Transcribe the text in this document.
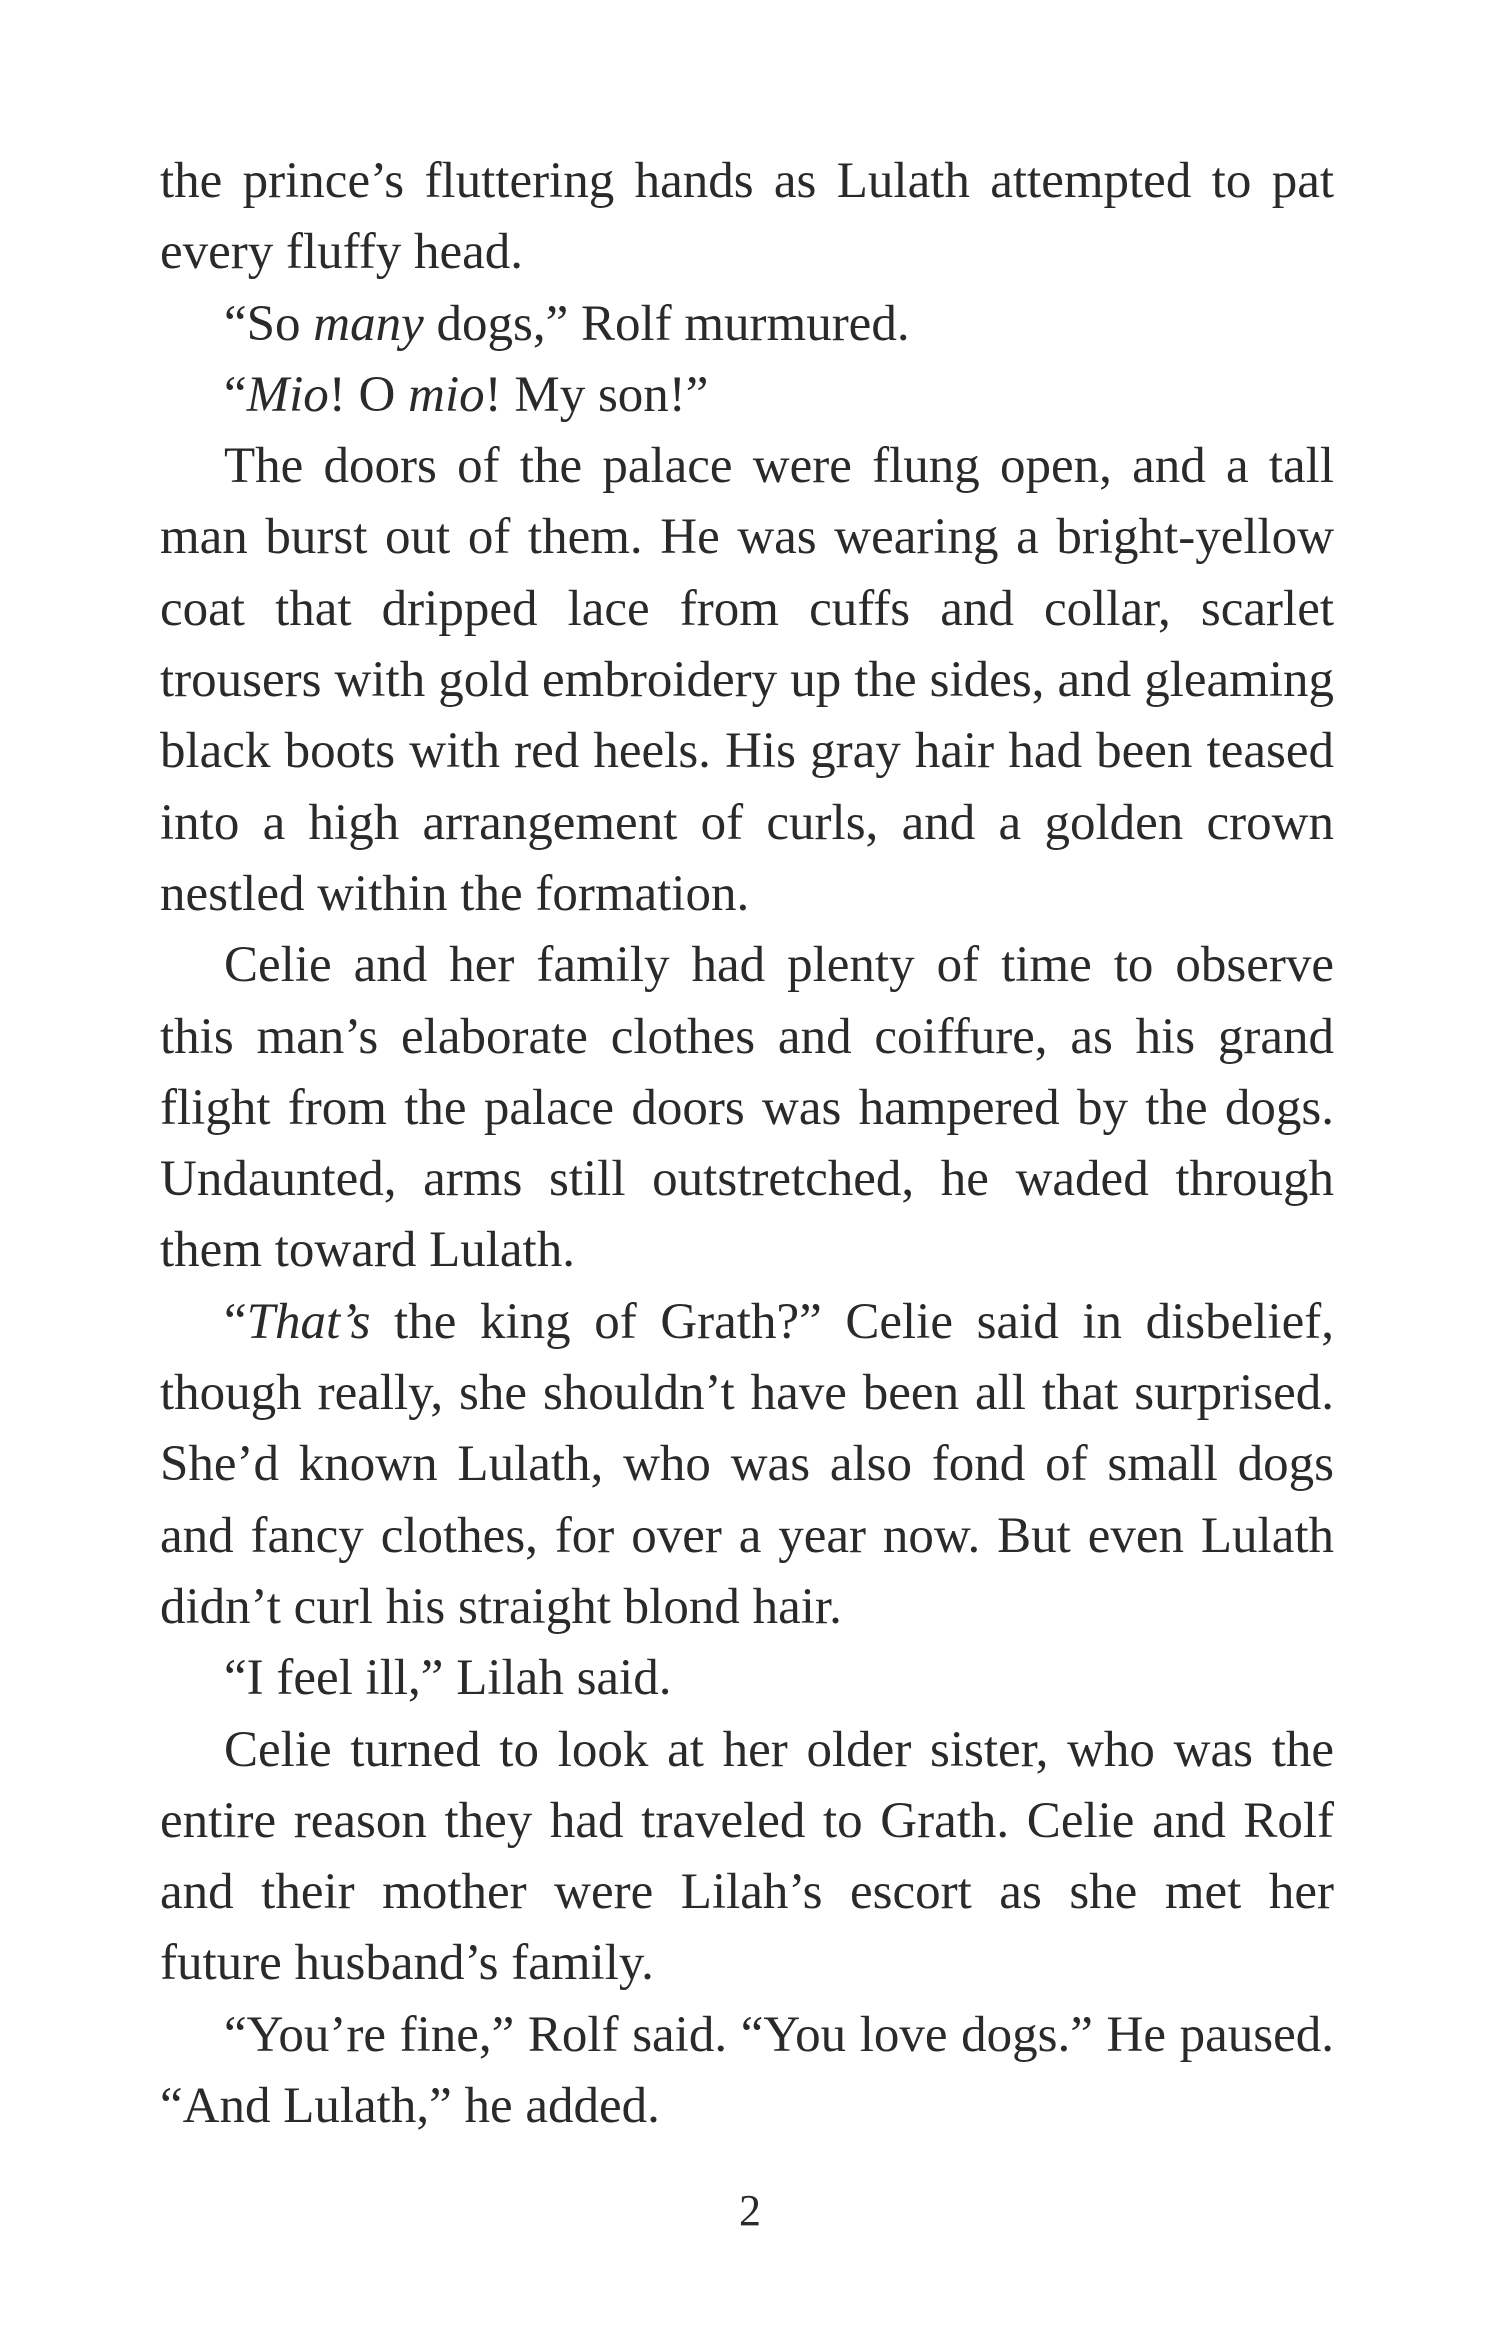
the prince’s fluttering hands as Lulath attempted to pat every fluffy head.

“So many dogs,” Rolf murmured.

“Mio! O mio! My son!”

The doors of the palace were flung open, and a tall man burst out of them. He was wearing a bright-yellow coat that dripped lace from cuffs and collar, scarlet trousers with gold embroidery up the sides, and gleaming black boots with red heels. His gray hair had been teased into a high arrangement of curls, and a golden crown nestled within the formation.

Celie and her family had plenty of time to observe this man’s elaborate clothes and coiffure, as his grand flight from the palace doors was hampered by the dogs. Undaunted, arms still outstretched, he waded through them toward Lulath.

“That’s the king of Grath?” Celie said in disbelief, though really, she shouldn’t have been all that surprised. She’d known Lulath, who was also fond of small dogs and fancy clothes, for over a year now. But even Lulath didn’t curl his straight blond hair.

“I feel ill,” Lilah said.

Celie turned to look at her older sister, who was the entire reason they had traveled to Grath. Celie and Rolf and their mother were Lilah’s escort as she met her future husband’s family.

“You’re fine,” Rolf said. “You love dogs.” He paused. “And Lulath,” he added.

2
